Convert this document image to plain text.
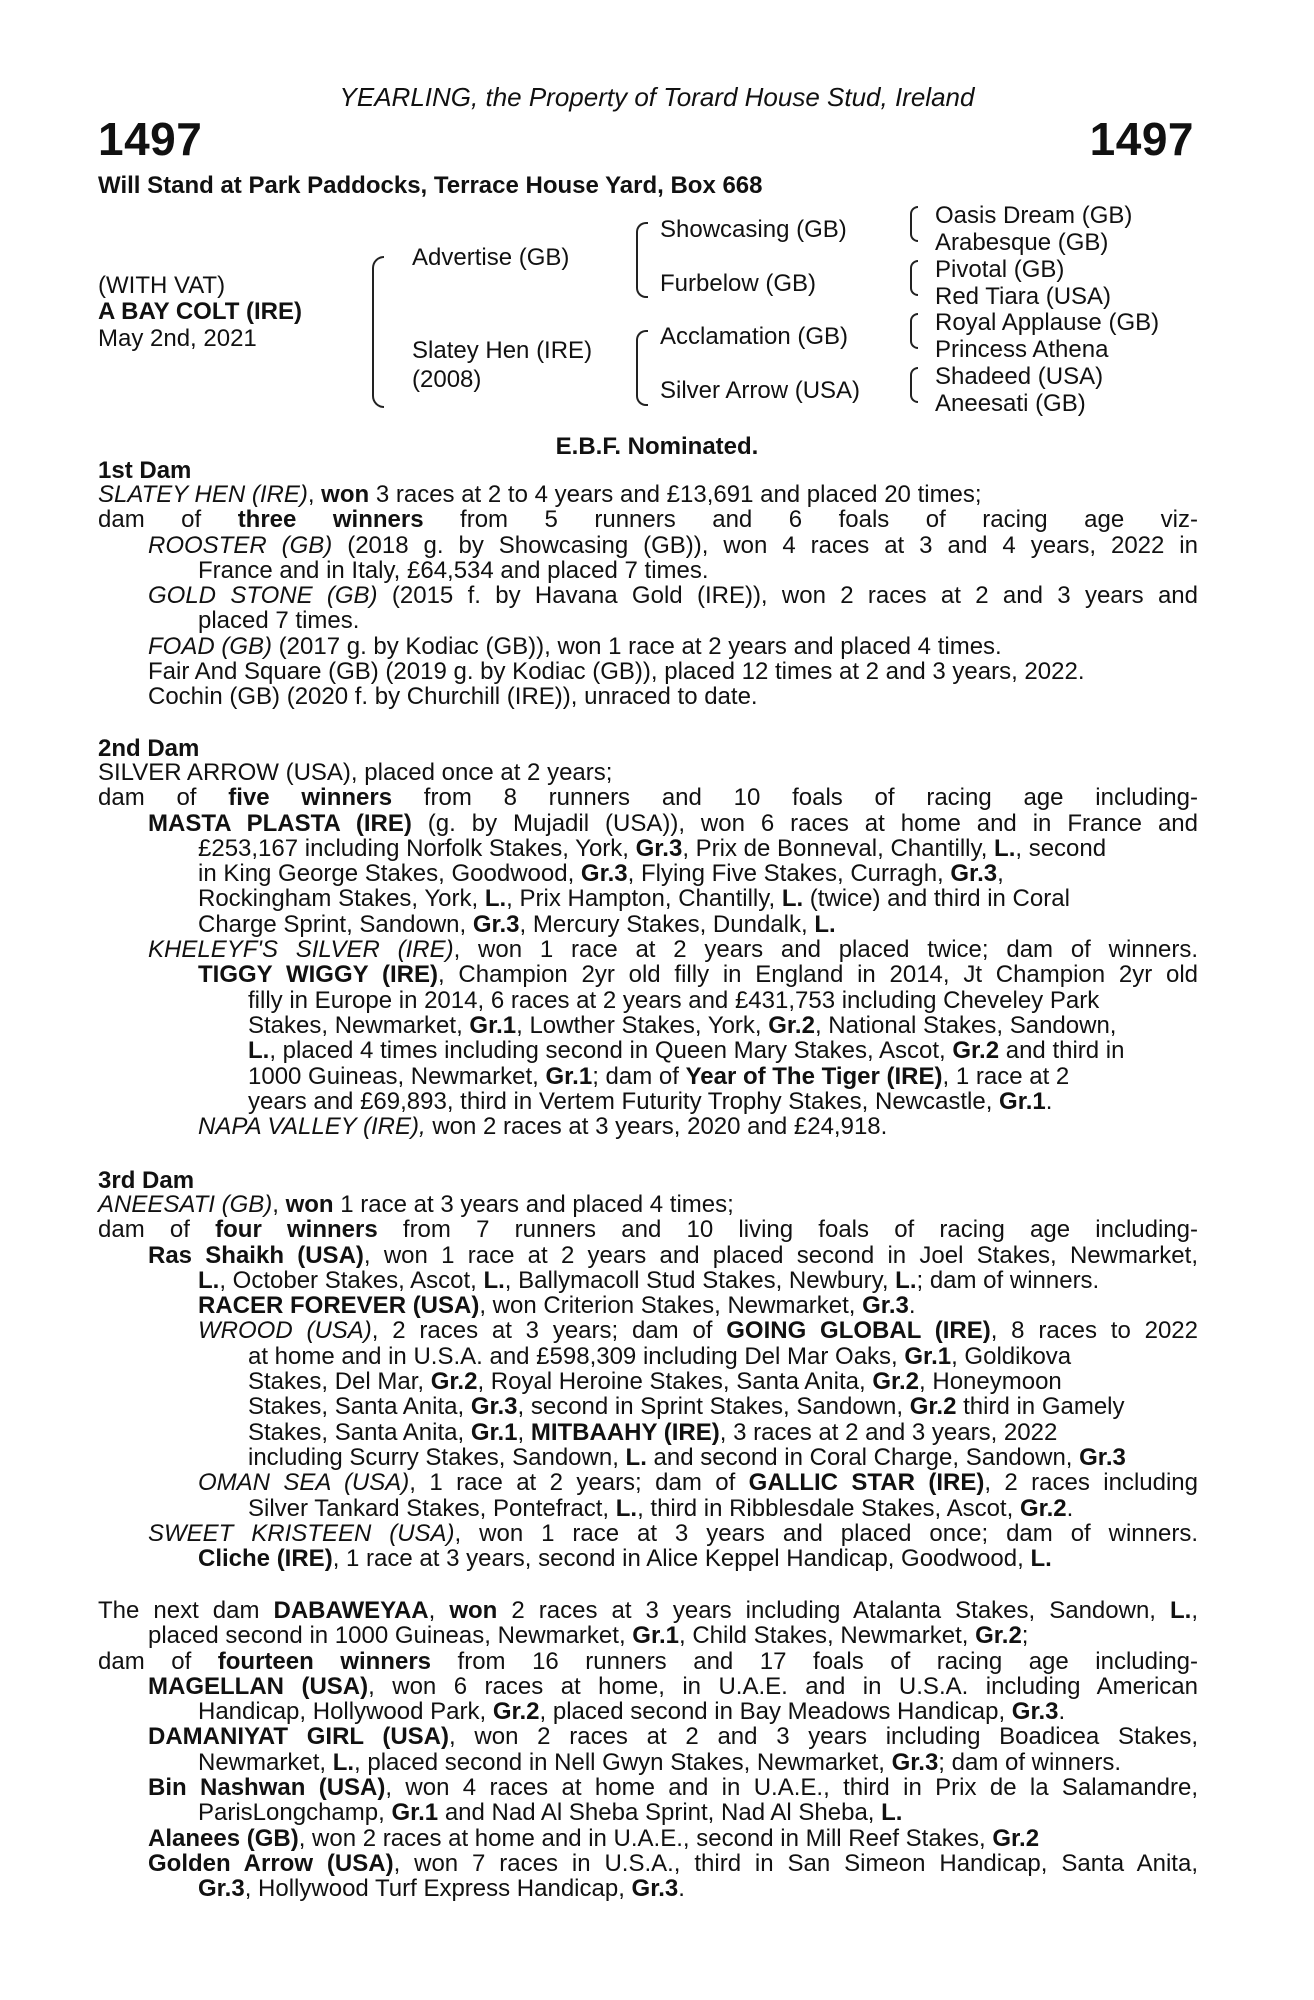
YEARLING, the Property of Torard House Stud, Ireland
1497	1497
Will Stand at Park Paddocks, Terrace House Yard, Box 668
(WITH VAT)
A BAY COLT (IRE)
May 2nd, 2021
Advertise (GB)
Slatey Hen (IRE)
(2008)
Showcasing (GB)
Furbelow (GB)
Acclamation (GB)
Silver Arrow (USA)
Oasis Dream (GB)
Arabesque (GB)
Pivotal (GB)
Red Tiara (USA)
Royal Applause (GB)
Princess Athena
Shadeed (USA)
Aneesati (GB)
E.B.F. Nominated.
1st Dam
SLATEY HEN (IRE), won 3 races at 2 to 4 years and £13,691 and placed 20 times;
dam of three winners from 5 runners and 6 foals of racing age viz-
ROOSTER (GB) (2018 g. by Showcasing (GB)), won 4 races at 3 and 4 years, 2022 in
France and in Italy, £64,534 and placed 7 times.
GOLD STONE (GB) (2015 f. by Havana Gold (IRE)), won 2 races at 2 and 3 years and
placed 7 times.
FOAD (GB) (2017 g. by Kodiac (GB)), won 1 race at 2 years and placed 4 times.
Fair And Square (GB) (2019 g. by Kodiac (GB)), placed 12 times at 2 and 3 years, 2022.
Cochin (GB) (2020 f. by Churchill (IRE)), unraced to date.
2nd Dam
SILVER ARROW (USA), placed once at 2 years;
dam of five winners from 8 runners and 10 foals of racing age including-
MASTA PLASTA (IRE) (g. by Mujadil (USA)), won 6 races at home and in France and
£253,167 including Norfolk Stakes, York, Gr.3, Prix de Bonneval, Chantilly, L., second
in King George Stakes, Goodwood, Gr.3, Flying Five Stakes, Curragh, Gr.3,
Rockingham Stakes, York, L., Prix Hampton, Chantilly, L. (twice) and third in Coral
Charge Sprint, Sandown, Gr.3, Mercury Stakes, Dundalk, L.
KHELEYF'S SILVER (IRE), won 1 race at 2 years and placed twice; dam of winners.
TIGGY WIGGY (IRE), Champion 2yr old filly in England in 2014, Jt Champion 2yr old
filly in Europe in 2014, 6 races at 2 years and £431,753 including Cheveley Park
Stakes, Newmarket, Gr.1, Lowther Stakes, York, Gr.2, National Stakes, Sandown,
L., placed 4 times including second in Queen Mary Stakes, Ascot, Gr.2 and third in
1000 Guineas, Newmarket, Gr.1; dam of Year of The Tiger (IRE), 1 race at 2
years and £69,893, third in Vertem Futurity Trophy Stakes, Newcastle, Gr.1.
NAPA VALLEY (IRE), won 2 races at 3 years, 2020 and £24,918.
3rd Dam
ANEESATI (GB), won 1 race at 3 years and placed 4 times;
dam of four winners from 7 runners and 10 living foals of racing age including-
Ras Shaikh (USA), won 1 race at 2 years and placed second in Joel Stakes, Newmarket,
L., October Stakes, Ascot, L., Ballymacoll Stud Stakes, Newbury, L.; dam of winners.
RACER FOREVER (USA), won Criterion Stakes, Newmarket, Gr.3.
WROOD (USA), 2 races at 3 years; dam of GOING GLOBAL (IRE), 8 races to 2022
at home and in U.S.A. and £598,309 including Del Mar Oaks, Gr.1, Goldikova
Stakes, Del Mar, Gr.2, Royal Heroine Stakes, Santa Anita, Gr.2, Honeymoon
Stakes, Santa Anita, Gr.3, second in Sprint Stakes, Sandown, Gr.2 third in Gamely
Stakes, Santa Anita, Gr.1, MITBAAHY (IRE), 3 races at 2 and 3 years, 2022
including Scurry Stakes, Sandown, L. and second in Coral Charge, Sandown, Gr.3
OMAN SEA (USA), 1 race at 2 years; dam of GALLIC STAR (IRE), 2 races including
Silver Tankard Stakes, Pontefract, L., third in Ribblesdale Stakes, Ascot, Gr.2.
SWEET KRISTEEN (USA), won 1 race at 3 years and placed once; dam of winners.
Cliche (IRE), 1 race at 3 years, second in Alice Keppel Handicap, Goodwood, L.
The next dam DABAWEYAA, won 2 races at 3 years including Atalanta Stakes, Sandown, L.,
placed second in 1000 Guineas, Newmarket, Gr.1, Child Stakes, Newmarket, Gr.2;
dam of fourteen winners from 16 runners and 17 foals of racing age including-
MAGELLAN (USA), won 6 races at home, in U.A.E. and in U.S.A. including American
Handicap, Hollywood Park, Gr.2, placed second in Bay Meadows Handicap, Gr.3.
DAMANIYAT GIRL (USA), won 2 races at 2 and 3 years including Boadicea Stakes,
Newmarket, L., placed second in Nell Gwyn Stakes, Newmarket, Gr.3; dam of winners.
Bin Nashwan (USA), won 4 races at home and in U.A.E., third in Prix de la Salamandre,
ParisLongchamp, Gr.1 and Nad Al Sheba Sprint, Nad Al Sheba, L.
Alanees (GB), won 2 races at home and in U.A.E., second in Mill Reef Stakes, Gr.2
Golden Arrow (USA), won 7 races in U.S.A., third in San Simeon Handicap, Santa Anita,
Gr.3, Hollywood Turf Express Handicap, Gr.3.
